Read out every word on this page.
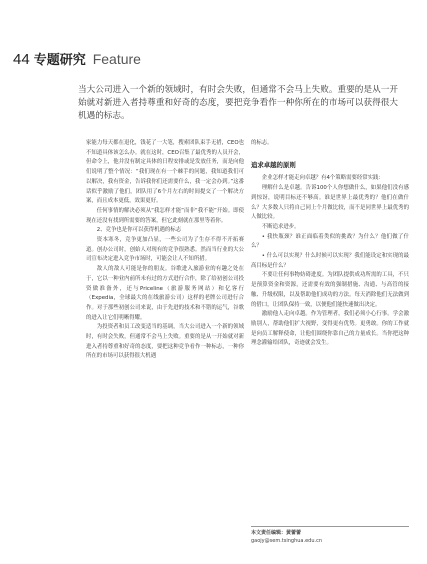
44 专题研究 Feature
当大公司进入一个新的领域时，有时会失败，但通常不会马上失败。重要的是从一开始就对新进入者持尊重和好奇的态度，要把竞争看作一种你所在的市场可以获得很大机遇的标志。

家能力每天都在退化，钱花了一大笔，搜索团队束手无措，CEO也不知道具体该怎么办。就在这时，CEO召集了最优秀的人员开会，但命令上，他并没有制定具体的日程安排或是发放任务，而是向他们说明了整个情况：“我们现在有一个棘手的问题，我知道我们可以解决，我有资金，告诉我你们还需要什么，我一定会办到。”这番话似乎激励了他们，团队用了6个月左右的时间提交了一个解决方案，而且成本更低，效果更好。

任何事情的解决必须从“我怎样才能”而非“我不能”开始。即使现在还没有找到所需要的答案，但它此刻就在那里等着你。

2、竞争也是你可以获得机遇的标志

资本寒冬，竞争更加凸显，一些公司为了生存不得不开拓赛道。创办公司时，创始人对现有的竞争很熟悉。然而当行业的大公司宣布决定进入竞争市场时，可能会让人不知所措。

敌人的敌人可能是你的朋友。谷歌进入旅游业的有趣之处在于，它以一种业内前所未有过的方式进行合作，除了给初创公司投资做准备外，还与Priceline（旅游服务网站）和亿客行（Expedia，全球最大的在线旅游公司）这样的老牌公司进行合作。对于那些初创公司来说，由于先进的技术和不错的运气，谷歌的进入让它们明晰得耀。

为投资者和员工改变适当的基调，当大公司进入一个新的领域时，有时会失败，但通常不会马上失败。重要的是从一开始就对新进入者持尊重和好奇的态度，要把这种竞争看作一种标志，一种你所在的市场可以获得很大机遇

的标志。

追求卓越的原则

企业怎样才能走向卓越？有4个策略需要经常实践：

理解什么是卓越。告诉100个人你想做什么，如果他们没有感到惊讶，说明目标还不够高。谁是世界上最优秀的？他们在做什么？大多数人只将自己同上个月做比较，而不是同世界上最优秀的人做比较。

不断追求进步。

• 我快瓶颈？谁正面临着类似的挑战？为什么？他们做了什么？

• 什么可以实现？什么时候可以实现？我们能设定和实现的最高目标是什么？

不要让任何事物妨碍进度。为团队提供成功所需的工具，不只是预算资金和资源，还需要有效的强制措施、沟通、与高管的接触、升级权限，以及帮助他们成功的方法。每天消除他们无法做到的借口，让团队保持一致，以便他们能快速做出决定。

激励他人走向卓越。作为管理者，我们必须小心行事。学会激励别人，帮助他们扩大视野，变得更有优势。更勇敢。你的工作就是向员工解释使命，让他们围绕你靠自己的力量成长。当你把这种理念灌输给团队，奇迹就会发生。

本文责任编辑：黄蕾蕾
gaojy@sem.tsinghua.edu.cn
